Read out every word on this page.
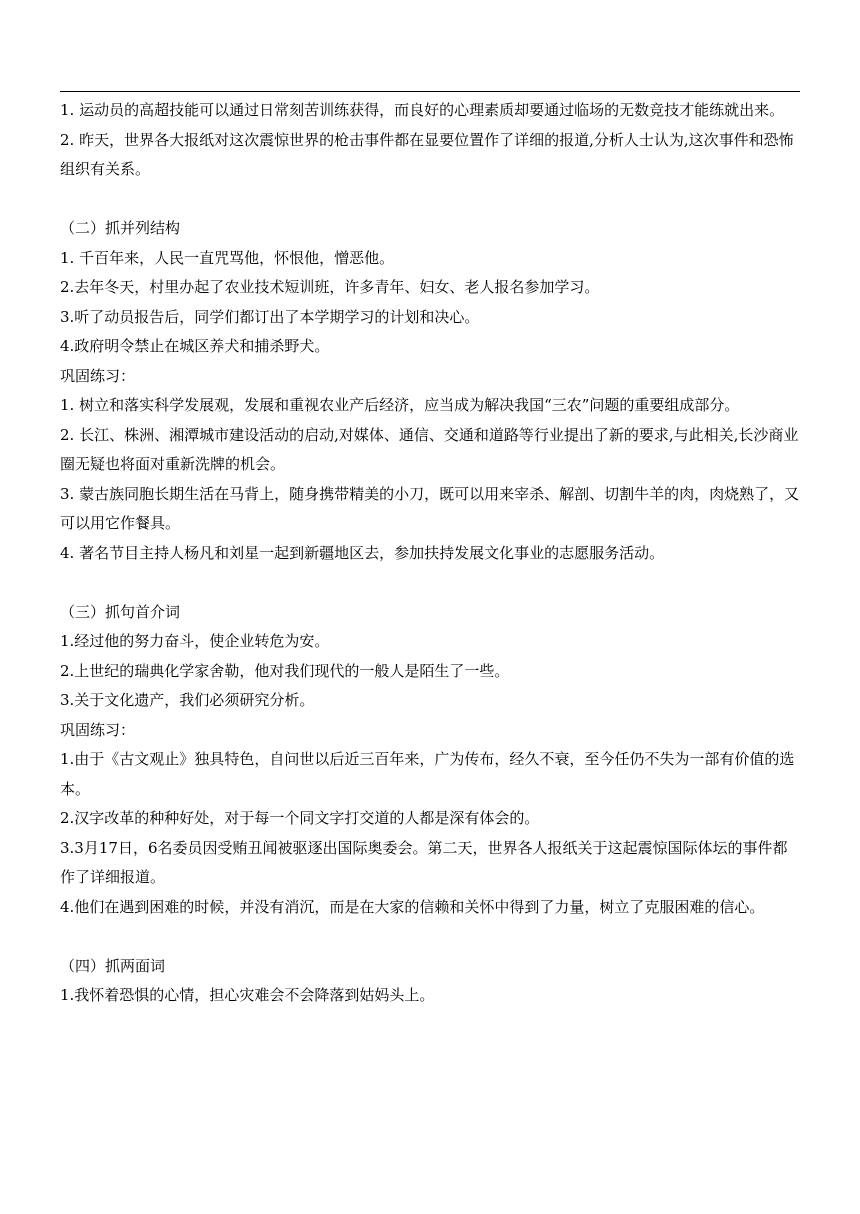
1. 运动员的高超技能可以通过日常刻苦训练获得，而良好的心理素质却要通过临场的无数竞技才能练就出来。

2. 昨天，世界各大报纸对这次震惊世界的枪击事件都在显要位置作了详细的报道,分析人士认为,这次事件和恐怖组织有关系。

（二）抓并列结构

1. 千百年来，人民一直咒骂他，怀恨他，憎恶他。

2.去年冬天，村里办起了农业技术短训班，许多青年、妇女、老人报名参加学习。

3.听了动员报告后，同学们都订出了本学期学习的计划和决心。

4.政府明令禁止在城区养犬和捕杀野犬。

巩固练习：

1. 树立和落实科学发展观，发展和重视农业产后经济，应当成为解决我国“三农”问题的重要组成部分。

2. 长江、株洲、湘潭城市建设活动的启动,对媒体、通信、交通和道路等行业提出了新的要求,与此相关,长沙商业圈无疑也将面对重新洗牌的机会。

3. 蒙古族同胞长期生活在马背上，随身携带精美的小刀，既可以用来宰杀、解剖、切割牛羊的肉，肉烧熟了，又可以用它作餐具。

4. 著名节目主持人杨凡和刘星一起到新疆地区去，参加扶持发展文化事业的志愿服务活动。

（三）抓句首介词

1.经过他的努力奋斗，使企业转危为安。

2.上世纪的瑞典化学家舍勒，他对我们现代的一般人是陌生了一些。

3.关于文化遗产，我们必须研究分析。

巩固练习：

1.由于《古文观止》独具特色，自问世以后近三百年来，广为传布，经久不衰，至今任仍不失为一部有价值的选本。

2.汉字改革的种种好处，对于每一个同文字打交道的人都是深有体会的。

3.3月17日，6名委员因受贿丑闻被驱逐出国际奥委会。第二天，世界各人报纸关于这起震惊国际体坛的事件都作了详细报道。

4.他们在遇到困难的时候，并没有消沉，而是在大家的信赖和关怀中得到了力量，树立了克服困难的信心。

（四）抓两面词

1.我怀着恐惧的心情，担心灾难会不会降落到姑妈头上。
